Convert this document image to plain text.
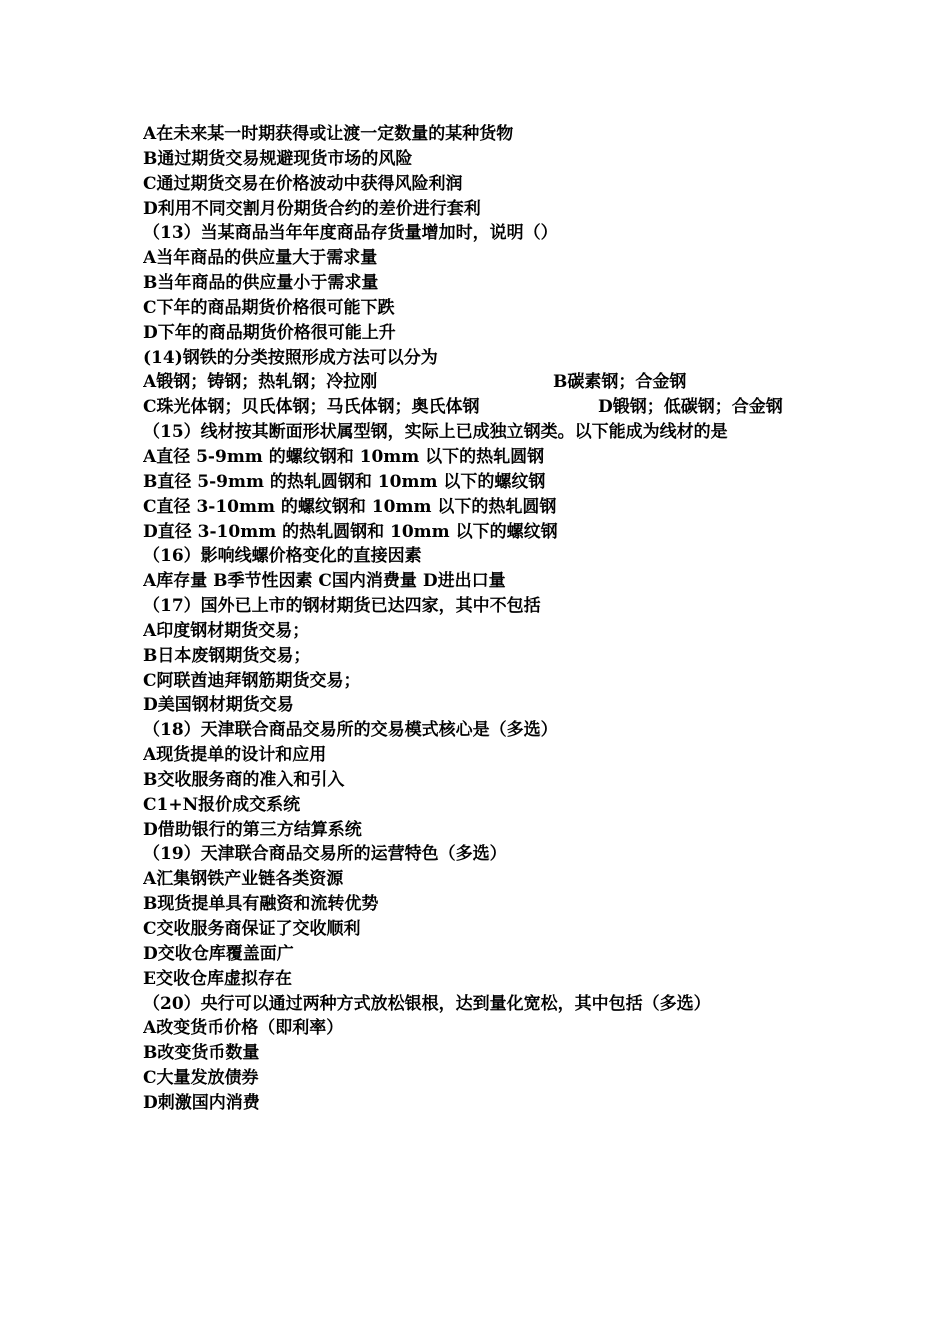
A在未来某一时期获得或让渡一定数量的某种货物
B通过期货交易规避现货市场的风险
C通过期货交易在价格波动中获得风险利润
D利用不同交割月份期货合约的差价进行套利
（13）当某商品当年年度商品存货量增加时，说明（）
A当年商品的供应量大于需求量
B当年商品的供应量小于需求量
C下年的商品期货价格很可能下跌
D下年的商品期货价格很可能上升
(14)钢铁的分类按照形成方法可以分为
A锻钢；铸钢；热轧钢；冷拉刚	B碳素钢；合金钢
C珠光体钢；贝氏体钢；马氏体钢；奥氏体钢	D锻钢；低碳钢；合金钢
（15）线材按其断面形状属型钢，实际上已成独立钢类。以下能成为线材的是
A直径 5-9mm 的螺纹钢和 10mm 以下的热轧圆钢
B直径 5-9mm 的热轧圆钢和 10mm 以下的螺纹钢
C直径 3-10mm 的螺纹钢和 10mm 以下的热轧圆钢
D直径 3-10mm 的热轧圆钢和 10mm 以下的螺纹钢
（16）影响线螺价格变化的直接因素
A库存量 B季节性因素 C国内消费量 D进出口量
（17）国外已上市的钢材期货已达四家，其中不包括
A印度钢材期货交易；
B日本废钢期货交易；
C阿联酋迪拜钢筋期货交易；
D美国钢材期货交易
（18）天津联合商品交易所的交易模式核心是（多选）
A现货提单的设计和应用
B交收服务商的准入和引入
C1+N报价成交系统
D借助银行的第三方结算系统
（19）天津联合商品交易所的运营特色（多选）
A汇集钢铁产业链各类资源
B现货提单具有融资和流转优势
C交收服务商保证了交收顺利
D交收仓库覆盖面广
E交收仓库虚拟存在
（20）央行可以通过两种方式放松银根，达到量化宽松，其中包括（多选）
A改变货币价格（即利率）
B改变货币数量
C大量发放债券
D刺激国内消费
